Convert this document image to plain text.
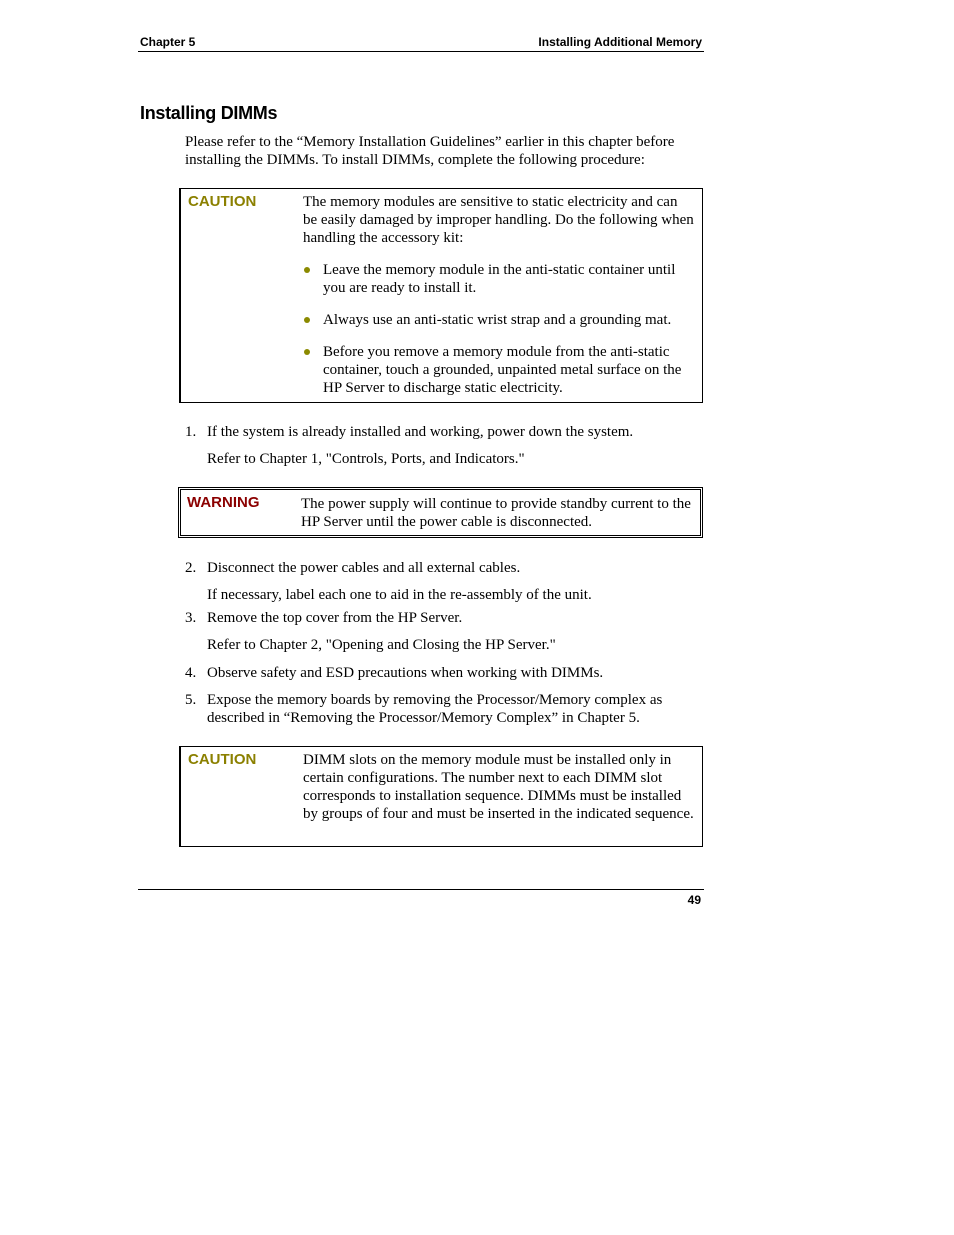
Chapter 5	Installing Additional Memory
Installing DIMMs
Please refer to the “Memory Installation Guidelines” earlier in this chapter before installing the DIMMs. To install DIMMs, complete the following procedure:
CAUTION	The memory modules are sensitive to static electricity and can be easily damaged by improper handling. Do the following when handling the accessory kit:
Leave the memory module in the anti-static container until you are ready to install it.
Always use an anti-static wrist strap and a grounding mat.
Before you remove a memory module from the anti-static container, touch a grounded, unpainted metal surface on the HP Server to discharge static electricity.
1. If the system is already installed and working, power down the system.
Refer to Chapter 1, "Controls, Ports, and Indicators."
WARNING	The power supply will continue to provide standby current to the HP Server until the power cable is disconnected.
2. Disconnect the power cables and all external cables.
If necessary, label each one to aid in the re-assembly of the unit.
3. Remove the top cover from the HP Server.
Refer to Chapter 2, "Opening and Closing the HP Server."
4. Observe safety and ESD precautions when working with DIMMs.
5. Expose the memory boards by removing the Processor/Memory complex as described in “Removing the Processor/Memory Complex” in Chapter 5.
CAUTION	DIMM slots on the memory module must be installed only in certain configurations. The number next to each DIMM slot corresponds to installation sequence. DIMMs must be installed by groups of four and must be inserted in the indicated sequence.
49
